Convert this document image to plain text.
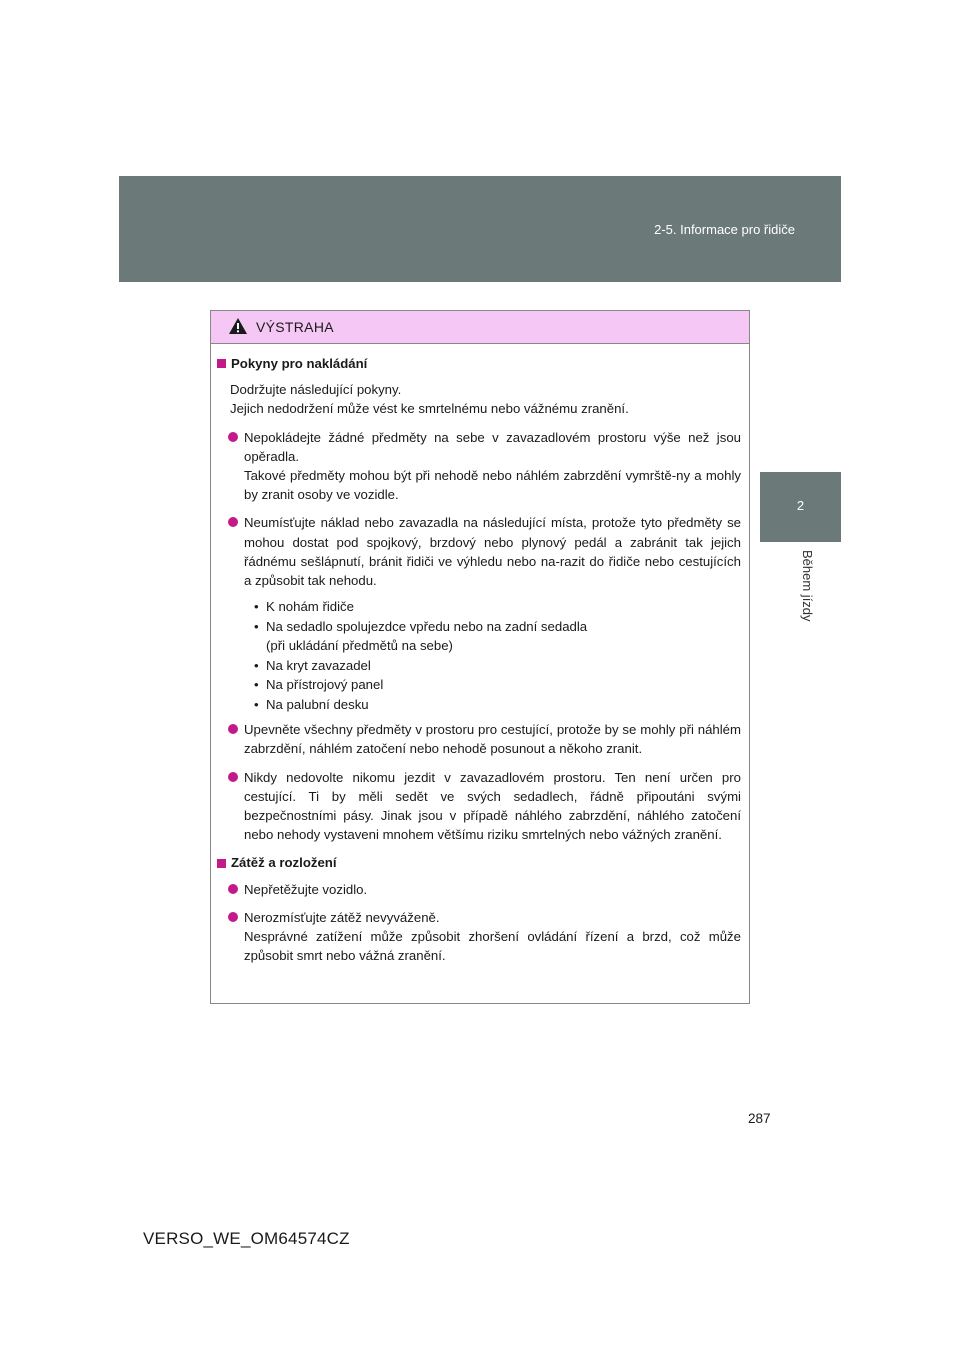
2-5. Informace pro řidiče
2
Během jízdy
VÝSTRAHA
Pokyny pro nakládání
Dodržujte následující pokyny.
Jejich nedodržení může vést ke smrtelnému nebo vážnému zranění.
Nepokládejte žádné předměty na sebe v zavazadlovém prostoru výše než jsou opěradla.
Takové předměty mohou být při nehodě nebo náhlém zabrzdění vymrště-ny a mohly by zranit osoby ve vozidle.
Neumísťujte náklad nebo zavazadla na následující místa, protože tyto předměty se mohou dostat pod spojkový, brzdový nebo plynový pedál a zabránit tak jejich řádnému sešlápnutí, bránit řidiči ve výhledu nebo na-razit do řidiče nebo cestujících a způsobit tak nehodu.
• K nohám řidiče
• Na sedadlo spolujezdce vpředu nebo na zadní sedadla
(při ukládání předmětů na sebe)
• Na kryt zavazadel
• Na přístrojový panel
• Na palubní desku
Upevněte všechny předměty v prostoru pro cestující, protože by se mohly při náhlém zabrzdění, náhlém zatočení nebo nehodě posunout a někoho zranit.
Nikdy nedovolte nikomu jezdit v zavazadlovém prostoru. Ten není určen pro cestující. Ti by měli sedět ve svých sedadlech, řádně připoutáni svými bezpečnostními pásy. Jinak jsou v případě náhlého zabrzdění, náhlého zatočení nebo nehody vystaveni mnohem většímu riziku smrtelných nebo vážných zranění.
Zátěž a rozložení
Nepřetěžujte vozidlo.
Nerozmísťujte zátěž nevyváženě.
Nesprávné zatížení může způsobit zhoršení ovládání řízení a brzd, což může způsobit smrt nebo vážná zranění.
287
VERSO_WE_OM64574CZ
